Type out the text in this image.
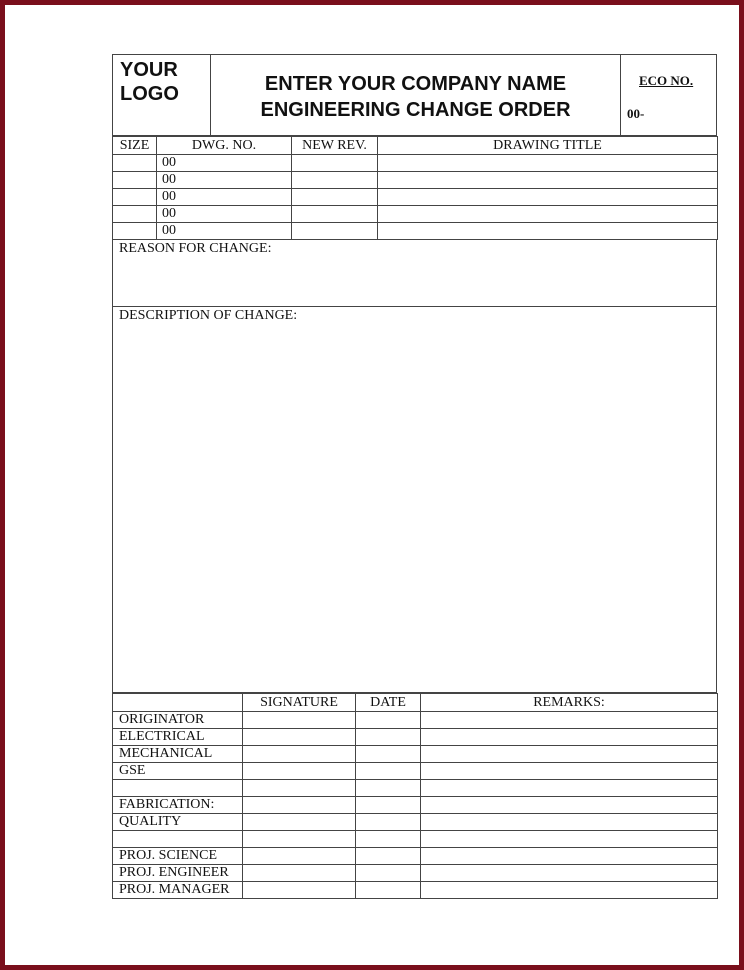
YOUR
LOGO	ENTER YOUR COMPANY NAME
ENGINEERING CHANGE ORDER
ECO NO.
00-
SIZE	DWG. NO.	NEW REV.	DRAWING TITLE
	00		
	00		
	00		
	00		
	00		
REASON FOR CHANGE:
DESCRIPTION OF CHANGE:
	SIGNATURE	DATE	REMARKS:
ORIGINATOR			
ELECTRICAL			
MECHANICAL			
GSE			

FABRICATION:			
QUALITY			

PROJ. SCIENCE			
PROJ. ENGINEER			
PROJ. MANAGER			
